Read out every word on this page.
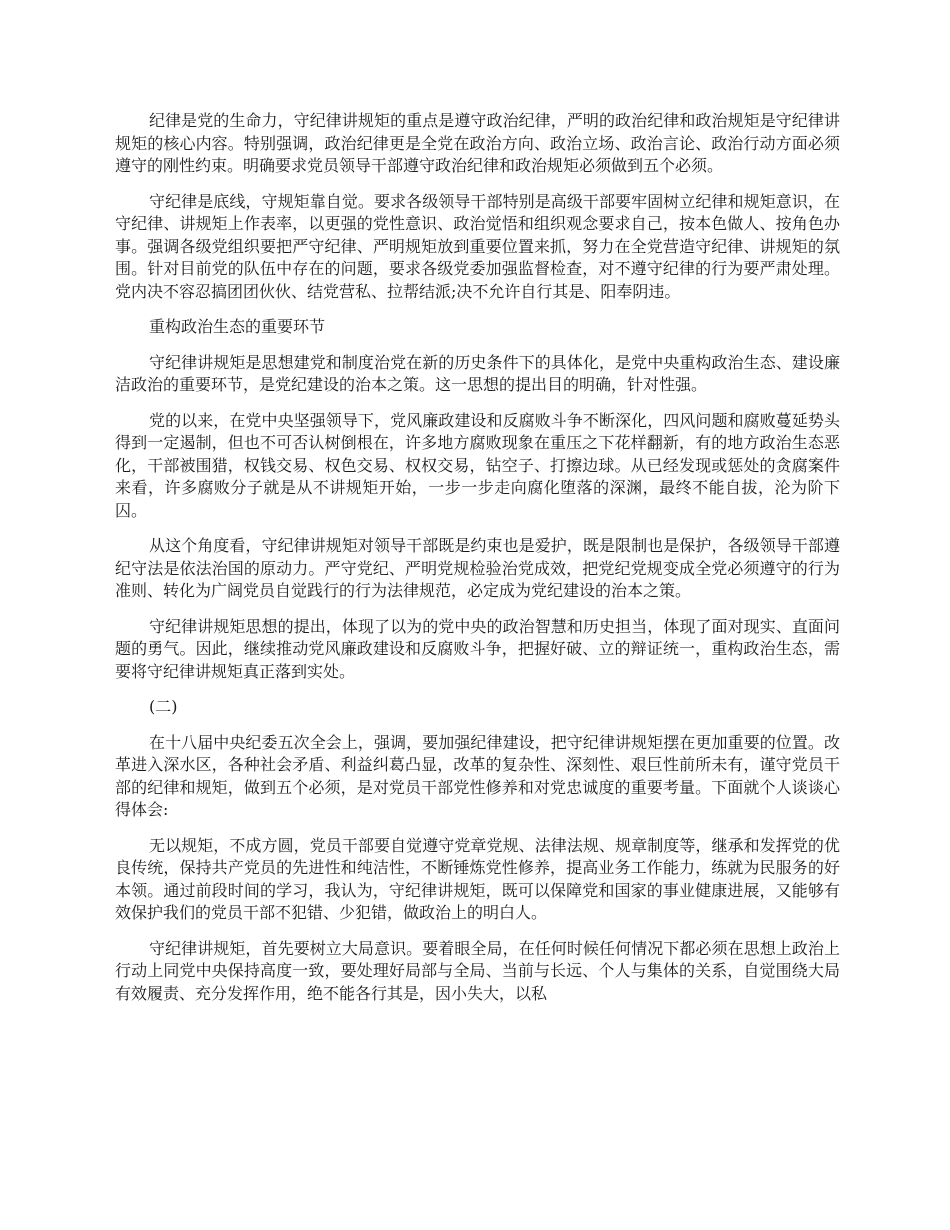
纪律是党的生命力，守纪律讲规矩的重点是遵守政治纪律，严明的政治纪律和政治规矩是守纪律讲规矩的核心内容。特别强调，政治纪律更是全党在政治方向、政治立场、政治言论、政治行动方面必须遵守的刚性约束。明确要求党员领导干部遵守政治纪律和政治规矩必须做到五个必须。

守纪律是底线，守规矩靠自觉。要求各级领导干部特别是高级干部要牢固树立纪律和规矩意识，在守纪律、讲规矩上作表率，以更强的党性意识、政治觉悟和组织观念要求自己，按本色做人、按角色办事。强调各级党组织要把严守纪律、严明规矩放到重要位置来抓，努力在全党营造守纪律、讲规矩的氛围。针对目前党的队伍中存在的问题，要求各级党委加强监督检查，对不遵守纪律的行为要严肃处理。党内决不容忍搞团团伙伙、结党营私、拉帮结派;决不允许自行其是、阳奉阴违。

重构政治生态的重要环节

守纪律讲规矩是思想建党和制度治党在新的历史条件下的具体化，是党中央重构政治生态、建设廉洁政治的重要环节，是党纪建设的治本之策。这一思想的提出目的明确，针对性强。

党的以来，在党中央坚强领导下，党风廉政建设和反腐败斗争不断深化，四风问题和腐败蔓延势头得到一定遏制，但也不可否认树倒根在，许多地方腐败现象在重压之下花样翻新，有的地方政治生态恶化，干部被围猎，权钱交易、权色交易、权权交易，钻空子、打擦边球。从已经发现或惩处的贪腐案件来看，许多腐败分子就是从不讲规矩开始，一步一步走向腐化堕落的深渊，最终不能自拔，沦为阶下囚。

从这个角度看，守纪律讲规矩对领导干部既是约束也是爱护，既是限制也是保护，各级领导干部遵纪守法是依法治国的原动力。严守党纪、严明党规检验治党成效，把党纪党规变成全党必须遵守的行为准则、转化为广阔党员自觉践行的行为法律规范，必定成为党纪建设的治本之策。

守纪律讲规矩思想的提出，体现了以为的党中央的政治智慧和历史担当，体现了面对现实、直面问题的勇气。因此，继续推动党风廉政建设和反腐败斗争，把握好破、立的辩证统一，重构政治生态，需要将守纪律讲规矩真正落到实处。

(二)

在十八届中央纪委五次全会上，强调，要加强纪律建设，把守纪律讲规矩摆在更加重要的位置。改革进入深水区，各种社会矛盾、利益纠葛凸显，改革的复杂性、深刻性、艰巨性前所未有，谨守党员干部的纪律和规矩，做到五个必须，是对党员干部党性修养和对党忠诚度的重要考量。下面就个人谈谈心得体会:

无以规矩，不成方圆，党员干部要自觉遵守党章党规、法律法规、规章制度等，继承和发挥党的优良传统，保持共产党员的先进性和纯洁性，不断锤炼党性修养，提高业务工作能力，练就为民服务的好本领。通过前段时间的学习，我认为，守纪律讲规矩，既可以保障党和国家的事业健康进展，又能够有效保护我们的党员干部不犯错、少犯错，做政治上的明白人。

守纪律讲规矩，首先要树立大局意识。要着眼全局，在任何时候任何情况下都必须在思想上政治上行动上同党中央保持高度一致，要处理好局部与全局、当前与长远、个人与集体的关系，自觉围绕大局有效履责、充分发挥作用，绝不能各行其是，因小失大，以私
